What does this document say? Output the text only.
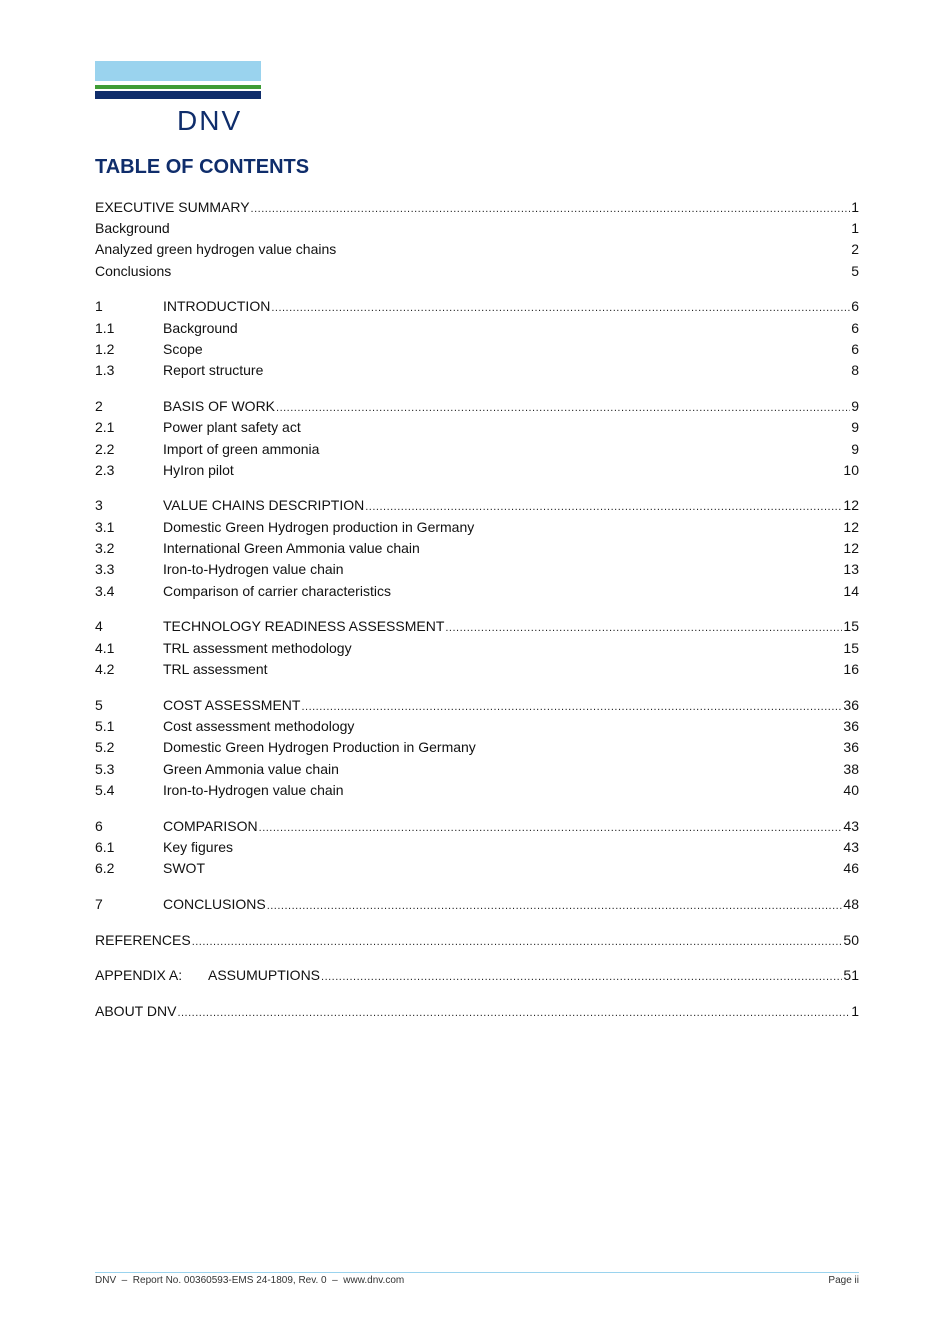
DNV
TABLE OF CONTENTS
EXECUTIVE SUMMARY .....	1
Background	1
Analyzed green hydrogen value chains	2
Conclusions	5
1	INTRODUCTION .....	6
1.1	Background	6
1.2	Scope	6
1.3	Report structure	8
2	BASIS OF WORK .....	9
2.1	Power plant safety act	9
2.2	Import of green ammonia	9
2.3	HyIron pilot	10
3	VALUE CHAINS DESCRIPTION .....	12
3.1	Domestic Green Hydrogen production in Germany	12
3.2	International Green Ammonia value chain	12
3.3	Iron-to-Hydrogen value chain	13
3.4	Comparison of carrier characteristics	14
4	TECHNOLOGY READINESS ASSESSMENT .....	15
4.1	TRL assessment methodology	15
4.2	TRL assessment	16
5	COST ASSESSMENT .....	36
5.1	Cost assessment methodology	36
5.2	Domestic Green Hydrogen Production in Germany	36
5.3	Green Ammonia value chain	38
5.4	Iron-to-Hydrogen value chain	40
6	COMPARISON .....	43
6.1	Key figures	43
6.2	SWOT	46
7	CONCLUSIONS .....	48
REFERENCES .....	50
APPENDIX A:	ASSUMUPTIONS .....	51
ABOUT DNV .....	1
DNV  –  Report No. 00360593-EMS 24-1809, Rev. 0  –  www.dnv.com	Page ii
